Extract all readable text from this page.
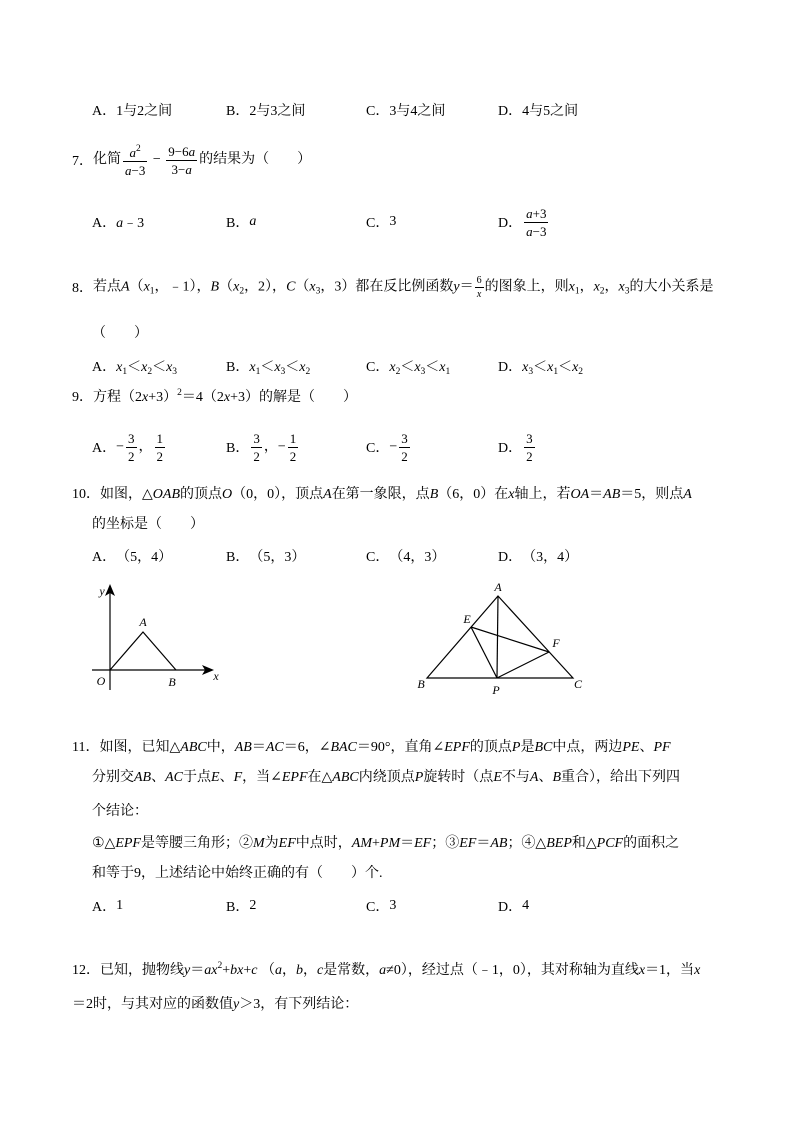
A． 1与2之间	B． 2与3之间	C． 3与4之间	D． 4与5之间
7． 化简 $\frac{a^2}{a-3} - \frac{9-6a}{3-a}$ 的结果为（　　）
A． a﹣3	B． a	C． 3	D． $\frac{a+3}{a-3}$
8． 若点$A(x_1$，﹣1），$B(x_2$，2），$C(x_3$，3）都在反比例函数$y= \frac{6}{x}$ 的图象上，则$x_1$，$x_2$，$x_3$的大小关系是
（　　）
A． $x_1<x_2<x_3$	B． $x_1<x_3<x_2$	C． $x_2<x_3<x_1$	D． $x_3<x_1<x_2$
9． 方程$(2x+3)^2=4(2x+3)$的解是（　　）
A． − $\frac{3}{2}$ ， $\frac{1}{2}$	B． $\frac{3}{2}$ ，− $\frac{1}{2}$	C． − $\frac{3}{2}$	D． $\frac{3}{2}$
10． 如图，△OAB的顶点O（0，0），顶点A在第一象限，点B（6，0）在x轴上，若OA＝AB＝5，则点A
的坐标是（　　）
A． （5，4）	B． （5，3）	C． （4，3）	D． （3，4）
y
x
O
A
B
A
E
F
B	P	C
11． 如图，已知△ABC中，AB＝AC＝6，∠BAC＝90°，直角∠EPF的顶点P是BC中点，两边PE、PF
分别交AB、AC于点E、F，当∠EPF在△ABC内绕顶点P旋转时（点E不与A、B重合），给出下列四
个结论：
①△EPF是等腰三角形；②M为EF中点时，AM+PM＝EF；③EF＝AB；④△BEP和△PCF的面积之
和等于9，上述结论中始终正确的有（　　）个.
A． 1	B． 2	C． 3	D． 4
12． 已知，抛物线$y=ax^2+bx+c$ （a，b，c是常数，a≠0），经过点（﹣1，0），其对称轴为直线x＝1，当x
＝2时，与其对应的函数值y＞3，有下列结论：
